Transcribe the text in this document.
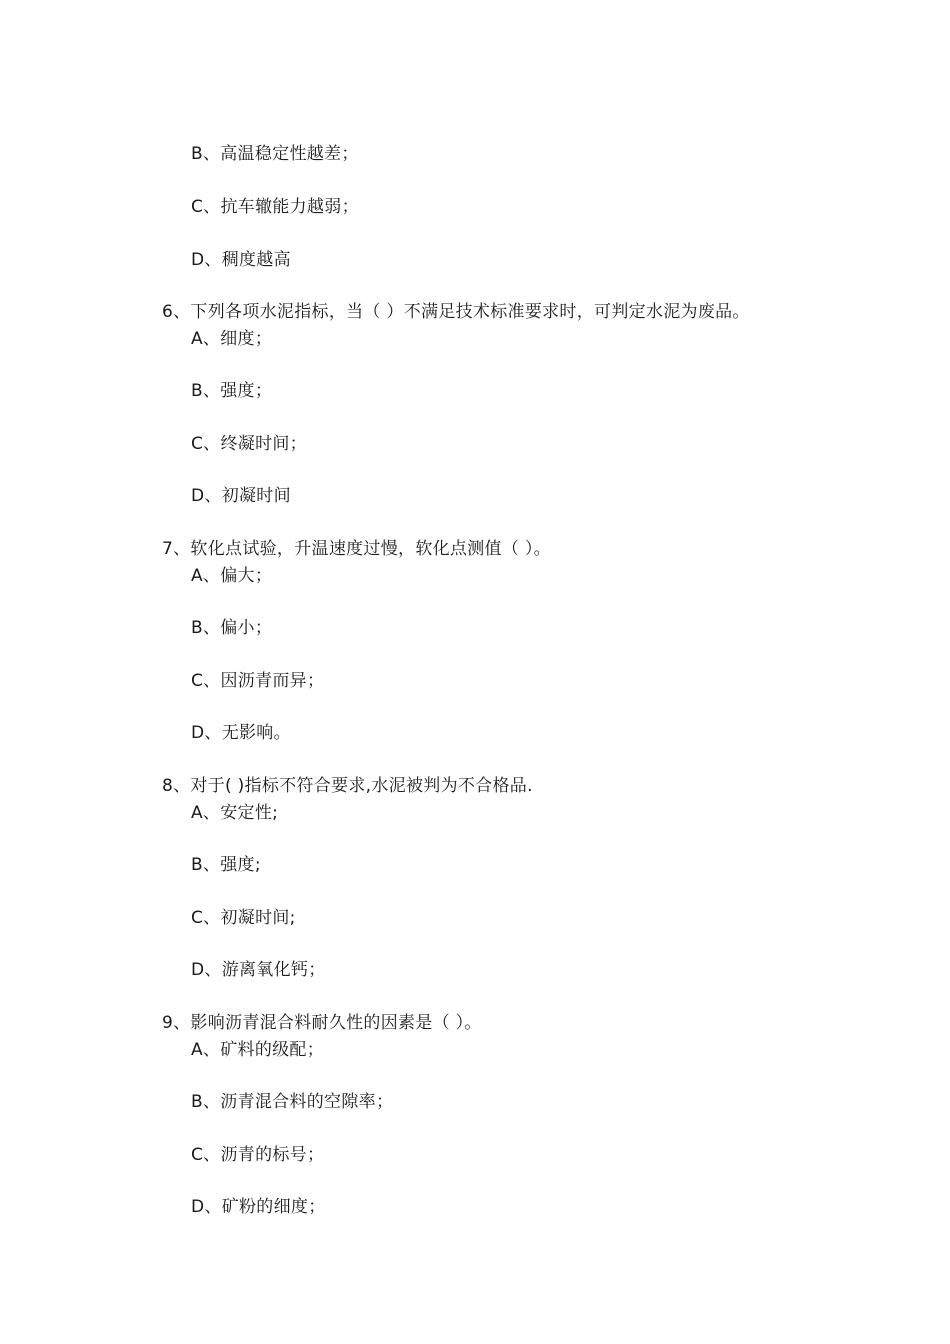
B、高温稳定性越差；
C、抗车辙能力越弱；
D、稠度越高
6、下列各项水泥指标，当（ ）不满足技术标准要求时，可判定水泥为废品。
A、细度；
B、强度；
C、终凝时间；
D、初凝时间
7、软化点试验，升温速度过慢，软化点测值（ ）。
A、偏大；
B、偏小；
C、因沥青而异；
D、无影响。
8、对于( )指标不符合要求,水泥被判为不合格品.
A、安定性;
B、强度;
C、初凝时间;
D、游离氧化钙；
9、影响沥青混合料耐久性的因素是（ ）。
A、矿料的级配；
B、沥青混合料的空隙率；
C、沥青的标号；
D、矿粉的细度；
